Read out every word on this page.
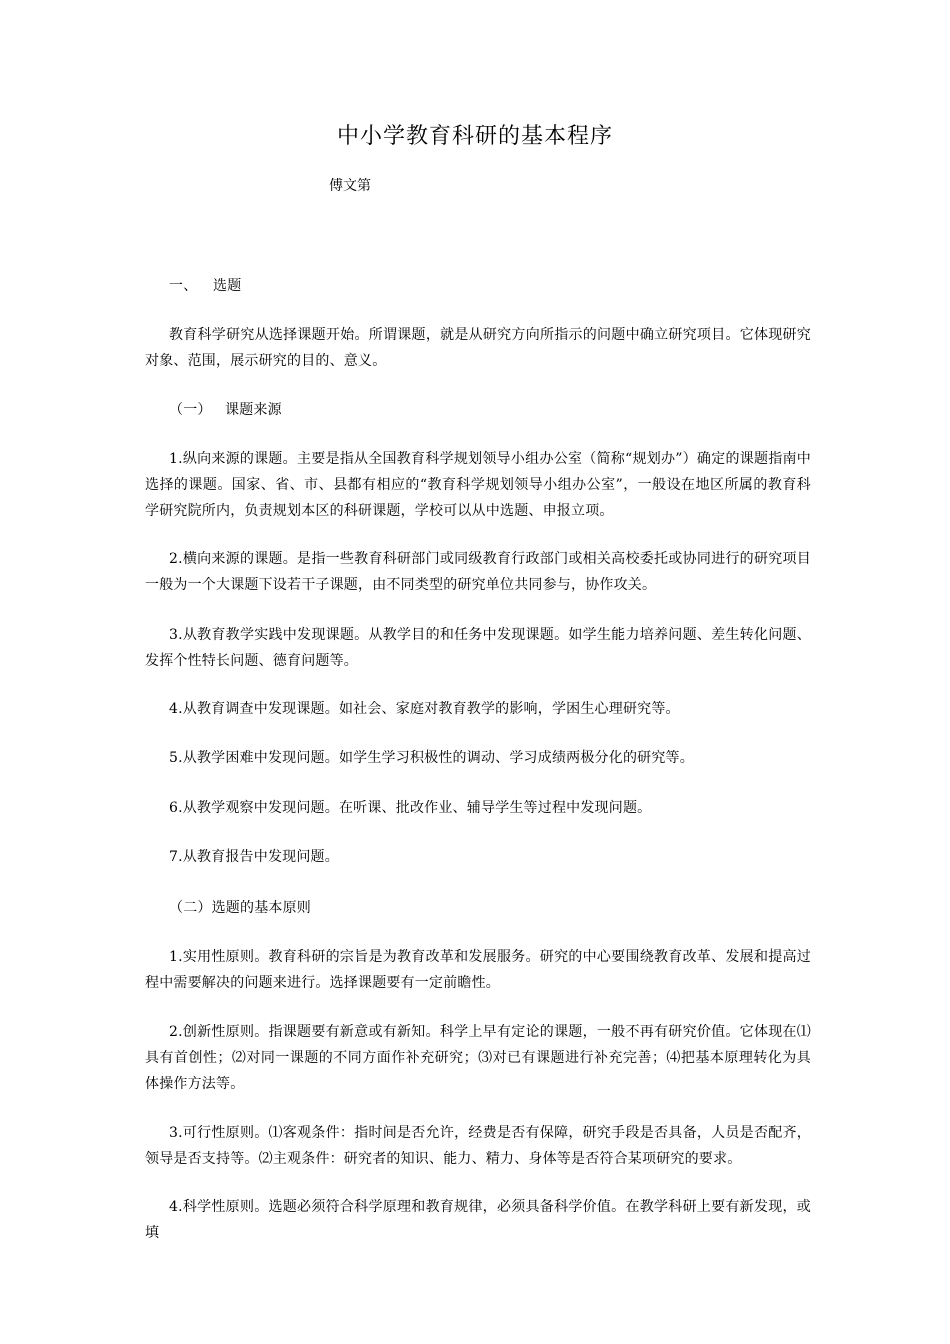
中小学教育科研的基本程序
傅文第

一、 选题

教育科学研究从选择课题开始。所谓课题，就是从研究方向所指示的问题中确立研究项目。它体现研究对象、范围，展示研究的目的、意义。

（一） 课题来源

1.纵向来源的课题。主要是指从全国教育科学规划领导小组办公室（简称“规划办”）确定的课题指南中选择的课题。国家、省、市、县都有相应的“教育科学规划领导小组办公室”，一般设在地区所属的教育科学研究院所内，负责规划本区的科研课题，学校可以从中选题、申报立项。

2.横向来源的课题。是指一些教育科研部门或同级教育行政部门或相关高校委托或协同进行的研究项目一般为一个大课题下设若干子课题，由不同类型的研究单位共同参与，协作攻关。

3.从教育教学实践中发现课题。从教学目的和任务中发现课题。如学生能力培养问题、差生转化问题、发挥个性特长问题、德育问题等。

4.从教育调查中发现课题。如社会、家庭对教育教学的影响，学困生心理研究等。

5.从教学困难中发现问题。如学生学习积极性的调动、学习成绩两极分化的研究等。

6.从教学观察中发现问题。在听课、批改作业、辅导学生等过程中发现问题。

7.从教育报告中发现问题。

（二）选题的基本原则

1.实用性原则。教育科研的宗旨是为教育改革和发展服务。研究的中心要围绕教育改革、发展和提高过程中需要解决的问题来进行。选择课题要有一定前瞻性。

2.创新性原则。指课题要有新意或有新知。科学上早有定论的课题，一般不再有研究价值。它体现在⑴具有首创性；⑵对同一课题的不同方面作补充研究；⑶对已有课题进行补充完善；⑷把基本原理转化为具体操作方法等。

3.可行性原则。⑴客观条件：指时间是否允许，经费是否有保障，研究手段是否具备，人员是否配齐，领导是否支持等。⑵主观条件：研究者的知识、能力、精力、身体等是否符合某项研究的要求。

4.科学性原则。选题必须符合科学原理和教育规律，必须具备科学价值。在教学科研上要有新发现，或填
